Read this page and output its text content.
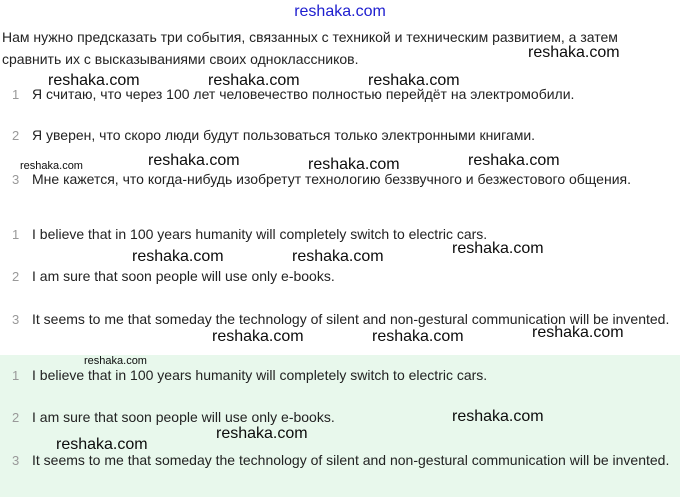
reshaka.com
Нам нужно предсказать три события, связанных с техникой и техническим развитием, а затем сравнить их с высказываниями своих одноклассников.
1 Я считаю, что через 100 лет человечество полностью перейдёт на электромобили.
2 Я уверен, что скоро люди будут пользоваться только электронными книгами.
3 Мне кажется, что когда-нибудь изобретут технологию беззвучного и безжестового общения.
1 I believe that in 100 years humanity will completely switch to electric cars.
2 I am sure that soon people will use only e-books.
3 It seems to me that someday the technology of silent and non-gestural communication will be invented.
1 I believe that in 100 years humanity will completely switch to electric cars.
2 I am sure that soon people will use only e-books.
3 It seems to me that someday the technology of silent and non-gestural communication will be invented.
reshaka.com
reshaka.com	reshaka.com	reshaka.com
reshaka.com	reshaka.com	reshaka.com	reshaka.com
reshaka.com
reshaka.com	reshaka.com
reshaka.com
reshaka.com	reshaka.com
reshaka.com
reshaka.com
reshaka.com
reshaka.com
